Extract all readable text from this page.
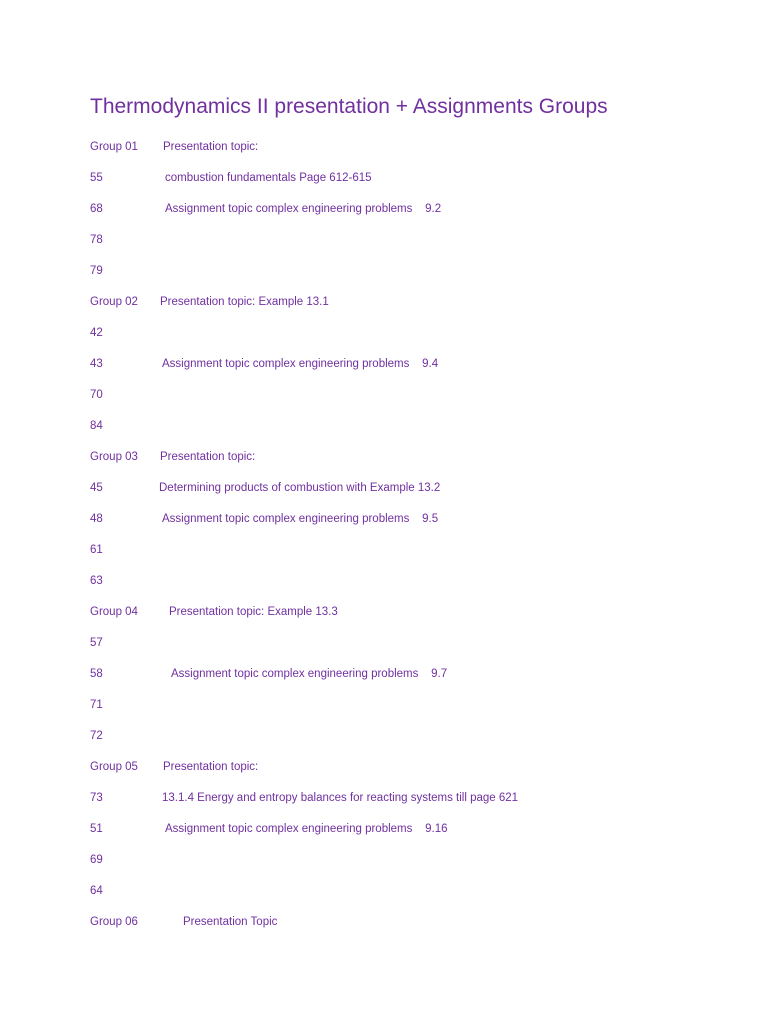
Thermodynamics II presentation + Assignments Groups
Group 01 Presentation topic:
55	combustion fundamentals Page 612-615
68	Assignment topic complex engineering problems    9.2
78
79
Group 02 Presentation topic: Example 13.1
42
43	Assignment topic complex engineering problems    9.4
70
84
Group 03 Presentation topic:
45	Determining products of combustion with Example 13.2
48	Assignment topic complex engineering problems    9.5
61
63
Group 04	Presentation topic: Example 13.3
57
58	Assignment topic complex engineering problems    9.7
71
72
Group 05 Presentation topic:
73	13.1.4 Energy and entropy balances for reacting systems till page 621
51	Assignment topic complex engineering problems    9.16
69
64
Group 06	Presentation Topic
